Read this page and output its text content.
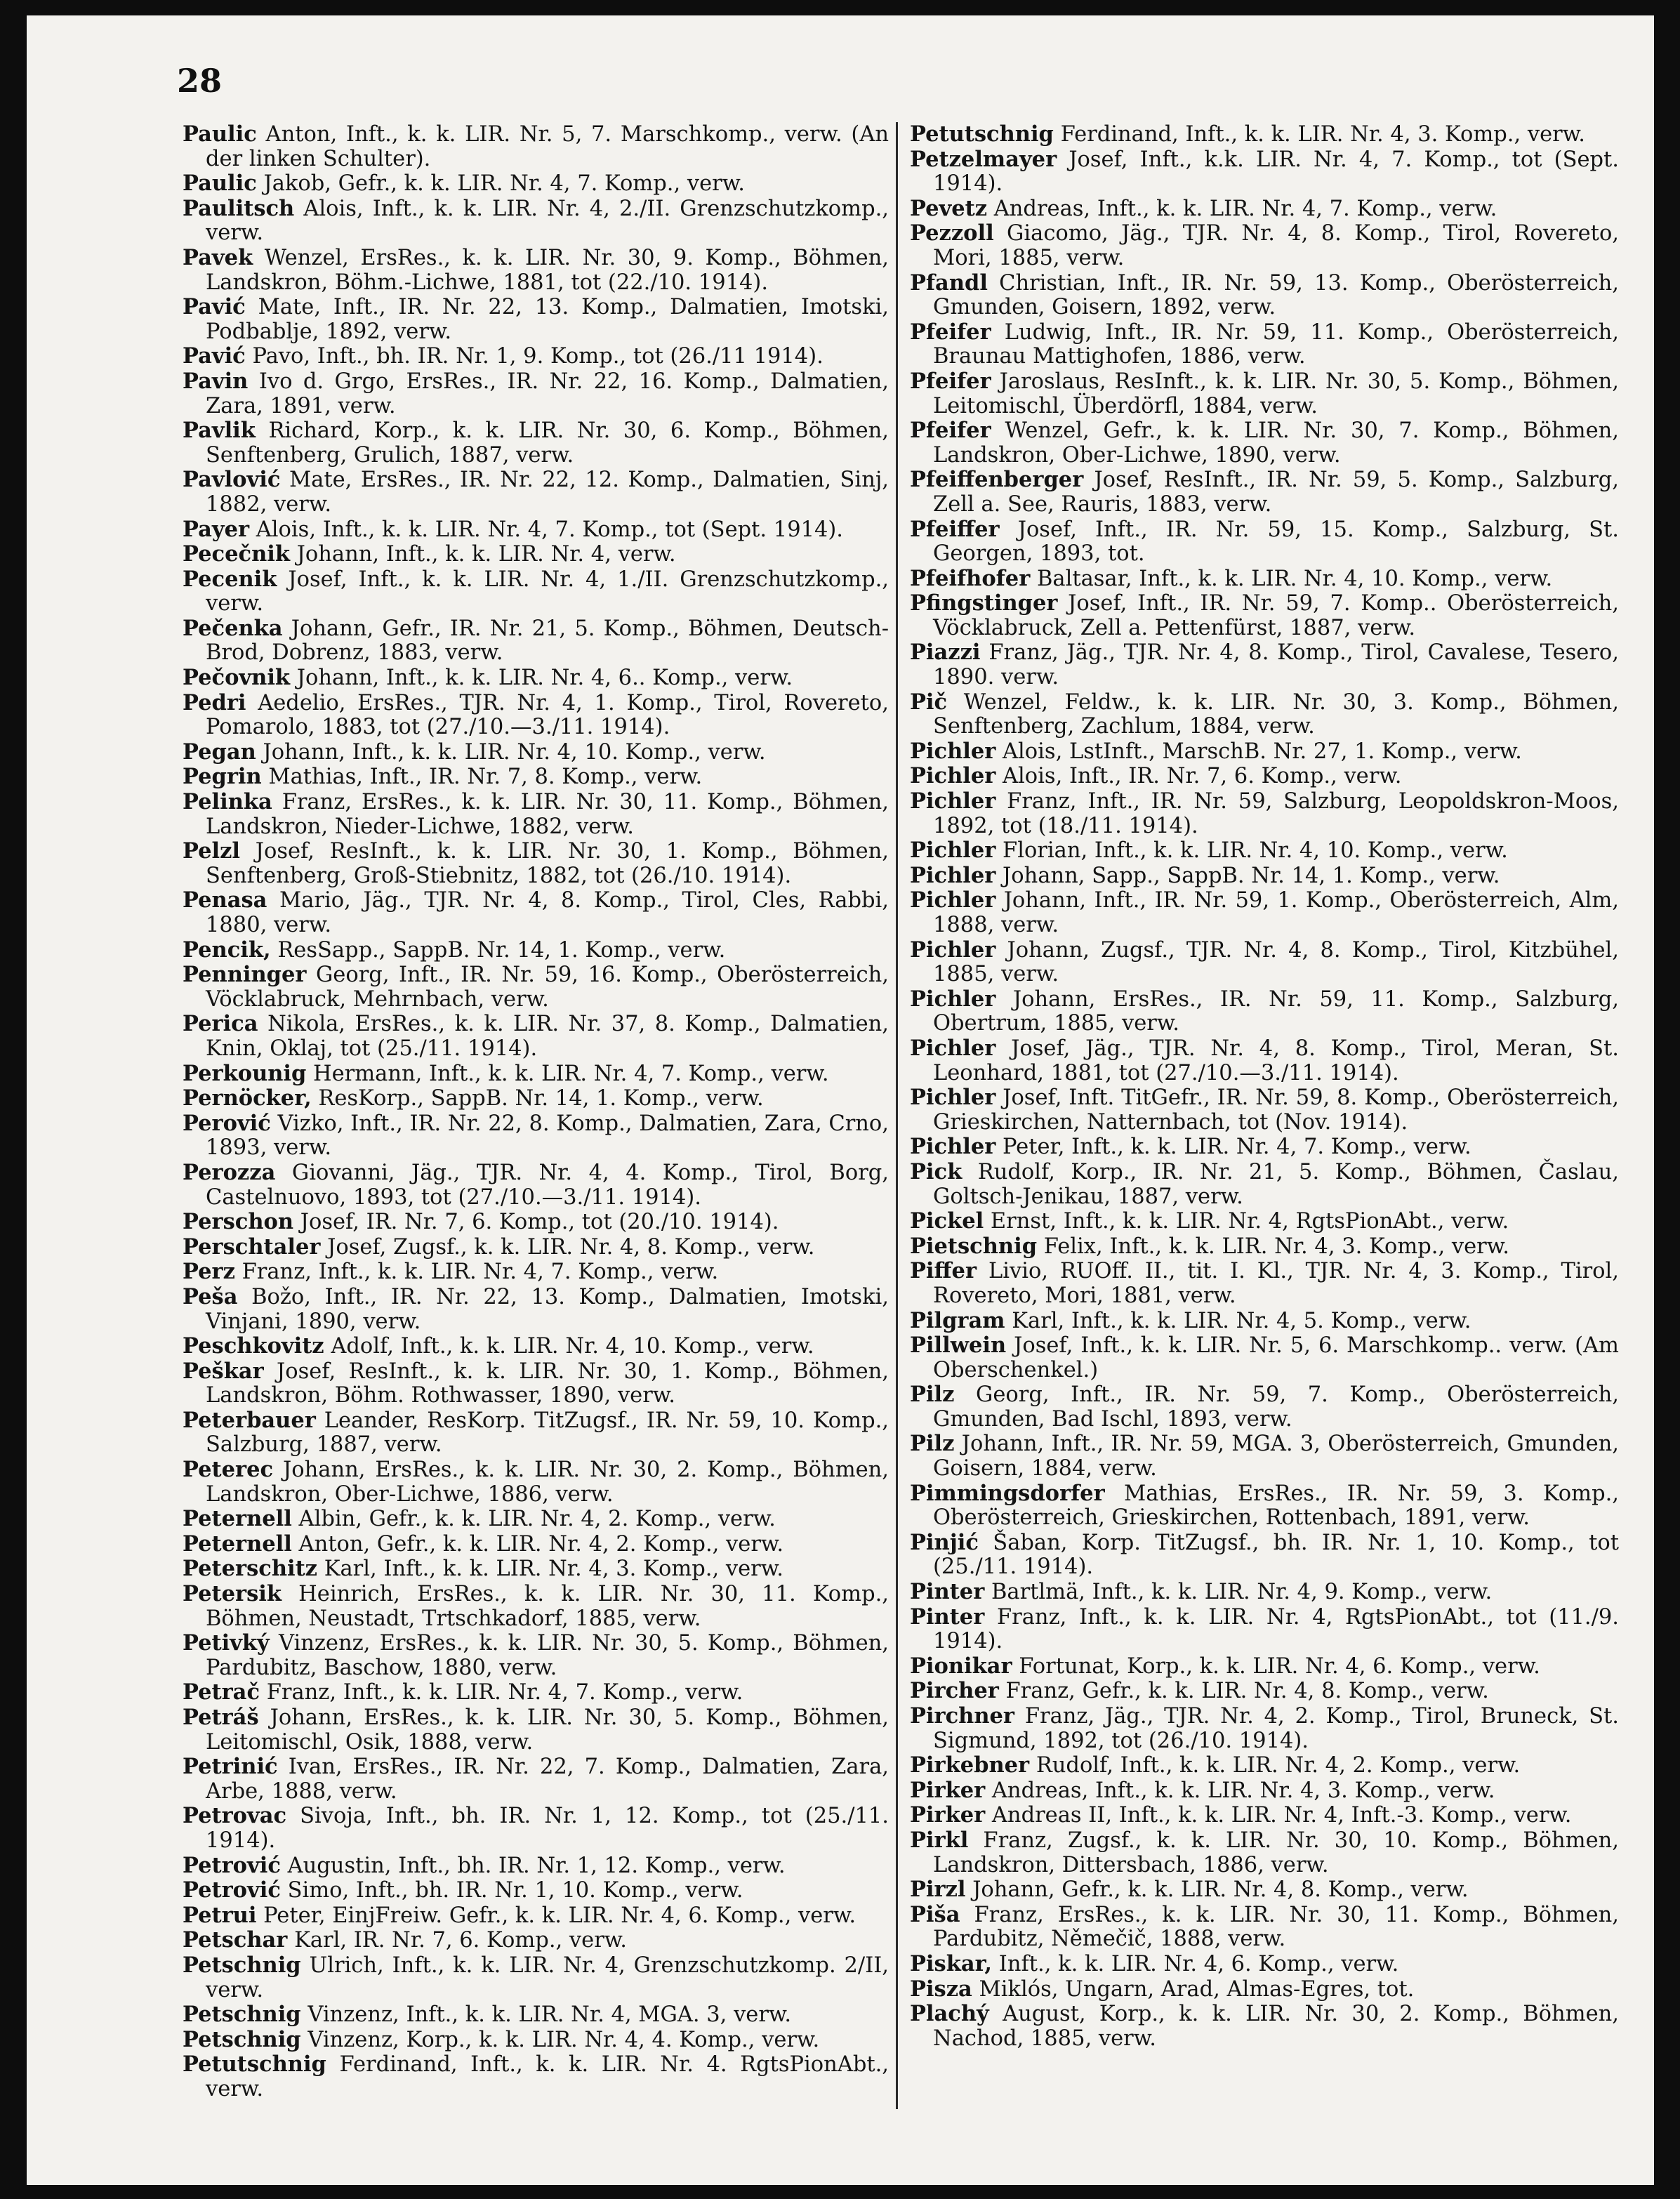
28
Paulic Anton, Inft., k. k. LIR. Nr. 5, 7. Marschkomp., verw. (An der linken Schulter).
Paulic Jakob, Gefr., k. k. LIR. Nr. 4, 7. Komp., verw.
Paulitsch Alois, Inft., k. k. LIR. Nr. 4, 2./II. Grenzschutzkomp., verw.
Pavek Wenzel, ErsRes., k. k. LIR. Nr. 30, 9. Komp., Böhmen, Landskron, Böhm.-Lichwe, 1881, tot (22./10. 1914).
Pavić Mate, Inft., IR. Nr. 22, 13. Komp., Dalmatien, Imotski, Podbablje, 1892, verw.
Pavić Pavo, Inft., bh. IR. Nr. 1, 9. Komp., tot (26./11 1914).
Pavin Ivo d. Grgo, ErsRes., IR. Nr. 22, 16. Komp., Dalmatien, Zara, 1891, verw.
Pavlik Richard, Korp., k. k. LIR. Nr. 30, 6. Komp., Böhmen, Senftenberg, Grulich, 1887, verw.
Pavlović Mate, ErsRes., IR. Nr. 22, 12. Komp., Dalmatien, Sinj, 1882, verw.
Payer Alois, Inft., k. k. LIR. Nr. 4, 7. Komp., tot (Sept. 1914).
Pecečnik Johann, Inft., k. k. LIR. Nr. 4, verw.
Pecenik Josef, Inft., k. k. LIR. Nr. 4, 1./II. Grenzschutzkomp., verw.
Pečenka Johann, Gefr., IR. Nr. 21, 5. Komp., Böhmen, Deutsch-Brod, Dobrenz, 1883, verw.
Pečovnik Johann, Inft., k. k. LIR. Nr. 4, 6.. Komp., verw.
Pedri Aedelio, ErsRes., TJR. Nr. 4, 1. Komp., Tirol, Rovereto, Pomarolo, 1883, tot (27./10.—3./11. 1914).
Pegan Johann, Inft., k. k. LIR. Nr. 4, 10. Komp., verw.
Pegrin Mathias, Inft., IR. Nr. 7, 8. Komp., verw.
Pelinka Franz, ErsRes., k. k. LIR. Nr. 30, 11. Komp., Böhmen, Landskron, Nieder-Lichwe, 1882, verw.
Pelzl Josef, ResInft., k. k. LIR. Nr. 30, 1. Komp., Böhmen, Senftenberg, Groß-Stiebnitz, 1882, tot (26./10. 1914).
Penasa Mario, Jäg., TJR. Nr. 4, 8. Komp., Tirol, Cles, Rabbi, 1880, verw.
Pencik, ResSapp., SappB. Nr. 14, 1. Komp., verw.
Penninger Georg, Inft., IR. Nr. 59, 16. Komp., Oberösterreich, Vöcklabruck, Mehrnbach, verw.
Perica Nikola, ErsRes., k. k. LIR. Nr. 37, 8. Komp., Dalmatien, Knin, Oklaj, tot (25./11. 1914).
Perkounig Hermann, Inft., k. k. LIR. Nr. 4, 7. Komp., verw.
Pernöcker, ResKorp., SappB. Nr. 14, 1. Komp., verw.
Perović Vizko, Inft., IR. Nr. 22, 8. Komp., Dalmatien, Zara, Crno, 1893, verw.
Perozza Giovanni, Jäg., TJR. Nr. 4, 4. Komp., Tirol, Borg, Castelnuovo, 1893, tot (27./10.—3./11. 1914).
Perschon Josef, IR. Nr. 7, 6. Komp., tot (20./10. 1914).
Perschtaler Josef, Zugsf., k. k. LIR. Nr. 4, 8. Komp., verw.
Perz Franz, Inft., k. k. LIR. Nr. 4, 7. Komp., verw.
Peša Božo, Inft., IR. Nr. 22, 13. Komp., Dalmatien, Imotski, Vinjani, 1890, verw.
Peschkovitz Adolf, Inft., k. k. LIR. Nr. 4, 10. Komp., verw.
Peškar Josef, ResInft., k. k. LIR. Nr. 30, 1. Komp., Böhmen, Landskron, Böhm. Rothwasser, 1890, verw.
Peterbauer Leander, ResKorp. TitZugsf., IR. Nr. 59, 10. Komp., Salzburg, 1887, verw.
Peterec Johann, ErsRes., k. k. LIR. Nr. 30, 2. Komp., Böhmen, Landskron, Ober-Lichwe, 1886, verw.
Peternell Albin, Gefr., k. k. LIR. Nr. 4, 2. Komp., verw.
Peternell Anton, Gefr., k. k. LIR. Nr. 4, 2. Komp., verw.
Peterschitz Karl, Inft., k. k. LIR. Nr. 4, 3. Komp., verw.
Petersik Heinrich, ErsRes., k. k. LIR. Nr. 30, 11. Komp., Böhmen, Neustadt, Trtschkadorf, 1885, verw.
Petivký Vinzenz, ErsRes., k. k. LIR. Nr. 30, 5. Komp., Böhmen, Pardubitz, Baschow, 1880, verw.
Petrač Franz, Inft., k. k. LIR. Nr. 4, 7. Komp., verw.
Petráš Johann, ErsRes., k. k. LIR. Nr. 30, 5. Komp., Böhmen, Leitomischl, Osik, 1888, verw.
Petrinić Ivan, ErsRes., IR. Nr. 22, 7. Komp., Dalmatien, Zara, Arbe, 1888, verw.
Petrovac Sivoja, Inft., bh. IR. Nr. 1, 12. Komp., tot (25./11. 1914).
Petrović Augustin, Inft., bh. IR. Nr. 1, 12. Komp., verw.
Petrović Simo, Inft., bh. IR. Nr. 1, 10. Komp., verw.
Petrui Peter, EinjFreiw. Gefr., k. k. LIR. Nr. 4, 6. Komp., verw.
Petschar Karl, IR. Nr. 7, 6. Komp., verw.
Petschnig Ulrich, Inft., k. k. LIR. Nr. 4, Grenzschutzkomp. 2/II, verw.
Petschnig Vinzenz, Inft., k. k. LIR. Nr. 4, MGA. 3, verw.
Petschnig Vinzenz, Korp., k. k. LIR. Nr. 4, 4. Komp., verw.
Petutschnig Ferdinand, Inft., k. k. LIR. Nr. 4. RgtsPionAbt., verw.
Petutschnig Ferdinand, Inft., k. k. LIR. Nr. 4, 3. Komp., verw.
Petzelmayer Josef, Inft., k.k. LIR. Nr. 4, 7. Komp., tot (Sept. 1914).
Pevetz Andreas, Inft., k. k. LIR. Nr. 4, 7. Komp., verw.
Pezzoll Giacomo, Jäg., TJR. Nr. 4, 8. Komp., Tirol, Rovereto, Mori, 1885, verw.
Pfandl Christian, Inft., IR. Nr. 59, 13. Komp., Oberösterreich, Gmunden, Goisern, 1892, verw.
Pfeifer Ludwig, Inft., IR. Nr. 59, 11. Komp., Oberösterreich, Braunau Mattighofen, 1886, verw.
Pfeifer Jaroslaus, ResInft., k. k. LIR. Nr. 30, 5. Komp., Böhmen, Leitomischl, Überdörfl, 1884, verw.
Pfeifer Wenzel, Gefr., k. k. LIR. Nr. 30, 7. Komp., Böhmen, Landskron, Ober-Lichwe, 1890, verw.
Pfeiffenberger Josef, ResInft., IR. Nr. 59, 5. Komp., Salzburg, Zell a. See, Rauris, 1883, verw.
Pfeiffer Josef, Inft., IR. Nr. 59, 15. Komp., Salzburg, St. Georgen, 1893, tot.
Pfeifhofer Baltasar, Inft., k. k. LIR. Nr. 4, 10. Komp., verw.
Pfingstinger Josef, Inft., IR. Nr. 59, 7. Komp.. Oberösterreich, Vöcklabruck, Zell a. Pettenfürst, 1887, verw.
Piazzi Franz, Jäg., TJR. Nr. 4, 8. Komp., Tirol, Cavalese, Tesero, 1890. verw.
Pič Wenzel, Feldw., k. k. LIR. Nr. 30, 3. Komp., Böhmen, Senftenberg, Zachlum, 1884, verw.
Pichler Alois, LstInft., MarschB. Nr. 27, 1. Komp., verw.
Pichler Alois, Inft., IR. Nr. 7, 6. Komp., verw.
Pichler Franz, Inft., IR. Nr. 59, Salzburg, Leopoldskron-Moos, 1892, tot (18./11. 1914).
Pichler Florian, Inft., k. k. LIR. Nr. 4, 10. Komp., verw.
Pichler Johann, Sapp., SappB. Nr. 14, 1. Komp., verw.
Pichler Johann, Inft., IR. Nr. 59, 1. Komp., Oberösterreich, Alm, 1888, verw.
Pichler Johann, Zugsf., TJR. Nr. 4, 8. Komp., Tirol, Kitzbühel, 1885, verw.
Pichler Johann, ErsRes., IR. Nr. 59, 11. Komp., Salzburg, Obertrum, 1885, verw.
Pichler Josef, Jäg., TJR. Nr. 4, 8. Komp., Tirol, Meran, St. Leonhard, 1881, tot (27./10.—3./11. 1914).
Pichler Josef, Inft. TitGefr., IR. Nr. 59, 8. Komp., Oberösterreich, Grieskirchen, Natternbach, tot (Nov. 1914).
Pichler Peter, Inft., k. k. LIR. Nr. 4, 7. Komp., verw.
Pick Rudolf, Korp., IR. Nr. 21, 5. Komp., Böhmen, Časlau, Goltsch-Jenikau, 1887, verw.
Pickel Ernst, Inft., k. k. LIR. Nr. 4, RgtsPionAbt., verw.
Pietschnig Felix, Inft., k. k. LIR. Nr. 4, 3. Komp., verw.
Piffer Livio, RUOff. II., tit. I. Kl., TJR. Nr. 4, 3. Komp., Tirol, Rovereto, Mori, 1881, verw.
Pilgram Karl, Inft., k. k. LIR. Nr. 4, 5. Komp., verw.
Pillwein Josef, Inft., k. k. LIR. Nr. 5, 6. Marschkomp.. verw. (Am Oberschenkel.)
Pilz Georg, Inft., IR. Nr. 59, 7. Komp., Oberösterreich, Gmunden, Bad Ischl, 1893, verw.
Pilz Johann, Inft., IR. Nr. 59, MGA. 3, Oberösterreich, Gmunden, Goisern, 1884, verw.
Pimmingsdorfer Mathias, ErsRes., IR. Nr. 59, 3. Komp., Oberösterreich, Grieskirchen, Rottenbach, 1891, verw.
Pinjić Šaban, Korp. TitZugsf., bh. IR. Nr. 1, 10. Komp., tot (25./11. 1914).
Pinter Bartlmä, Inft., k. k. LIR. Nr. 4, 9. Komp., verw.
Pinter Franz, Inft., k. k. LIR. Nr. 4, RgtsPionAbt., tot (11./9. 1914).
Pionikar Fortunat, Korp., k. k. LIR. Nr. 4, 6. Komp., verw.
Pircher Franz, Gefr., k. k. LIR. Nr. 4, 8. Komp., verw.
Pirchner Franz, Jäg., TJR. Nr. 4, 2. Komp., Tirol, Bruneck, St. Sigmund, 1892, tot (26./10. 1914).
Pirkebner Rudolf, Inft., k. k. LIR. Nr. 4, 2. Komp., verw.
Pirker Andreas, Inft., k. k. LIR. Nr. 4, 3. Komp., verw.
Pirker Andreas II, Inft., k. k. LIR. Nr. 4, Inft.-3. Komp., verw.
Pirkl Franz, Zugsf., k. k. LIR. Nr. 30, 10. Komp., Böhmen, Landskron, Dittersbach, 1886, verw.
Pirzl Johann, Gefr., k. k. LIR. Nr. 4, 8. Komp., verw.
Piša Franz, ErsRes., k. k. LIR. Nr. 30, 11. Komp., Böhmen, Pardubitz, Němečič, 1888, verw.
Piskar, Inft., k. k. LIR. Nr. 4, 6. Komp., verw.
Pisza Miklós, Ungarn, Arad, Almas-Egres, tot.
Plachý August, Korp., k. k. LIR. Nr. 30, 2. Komp., Böhmen, Nachod, 1885, verw.
